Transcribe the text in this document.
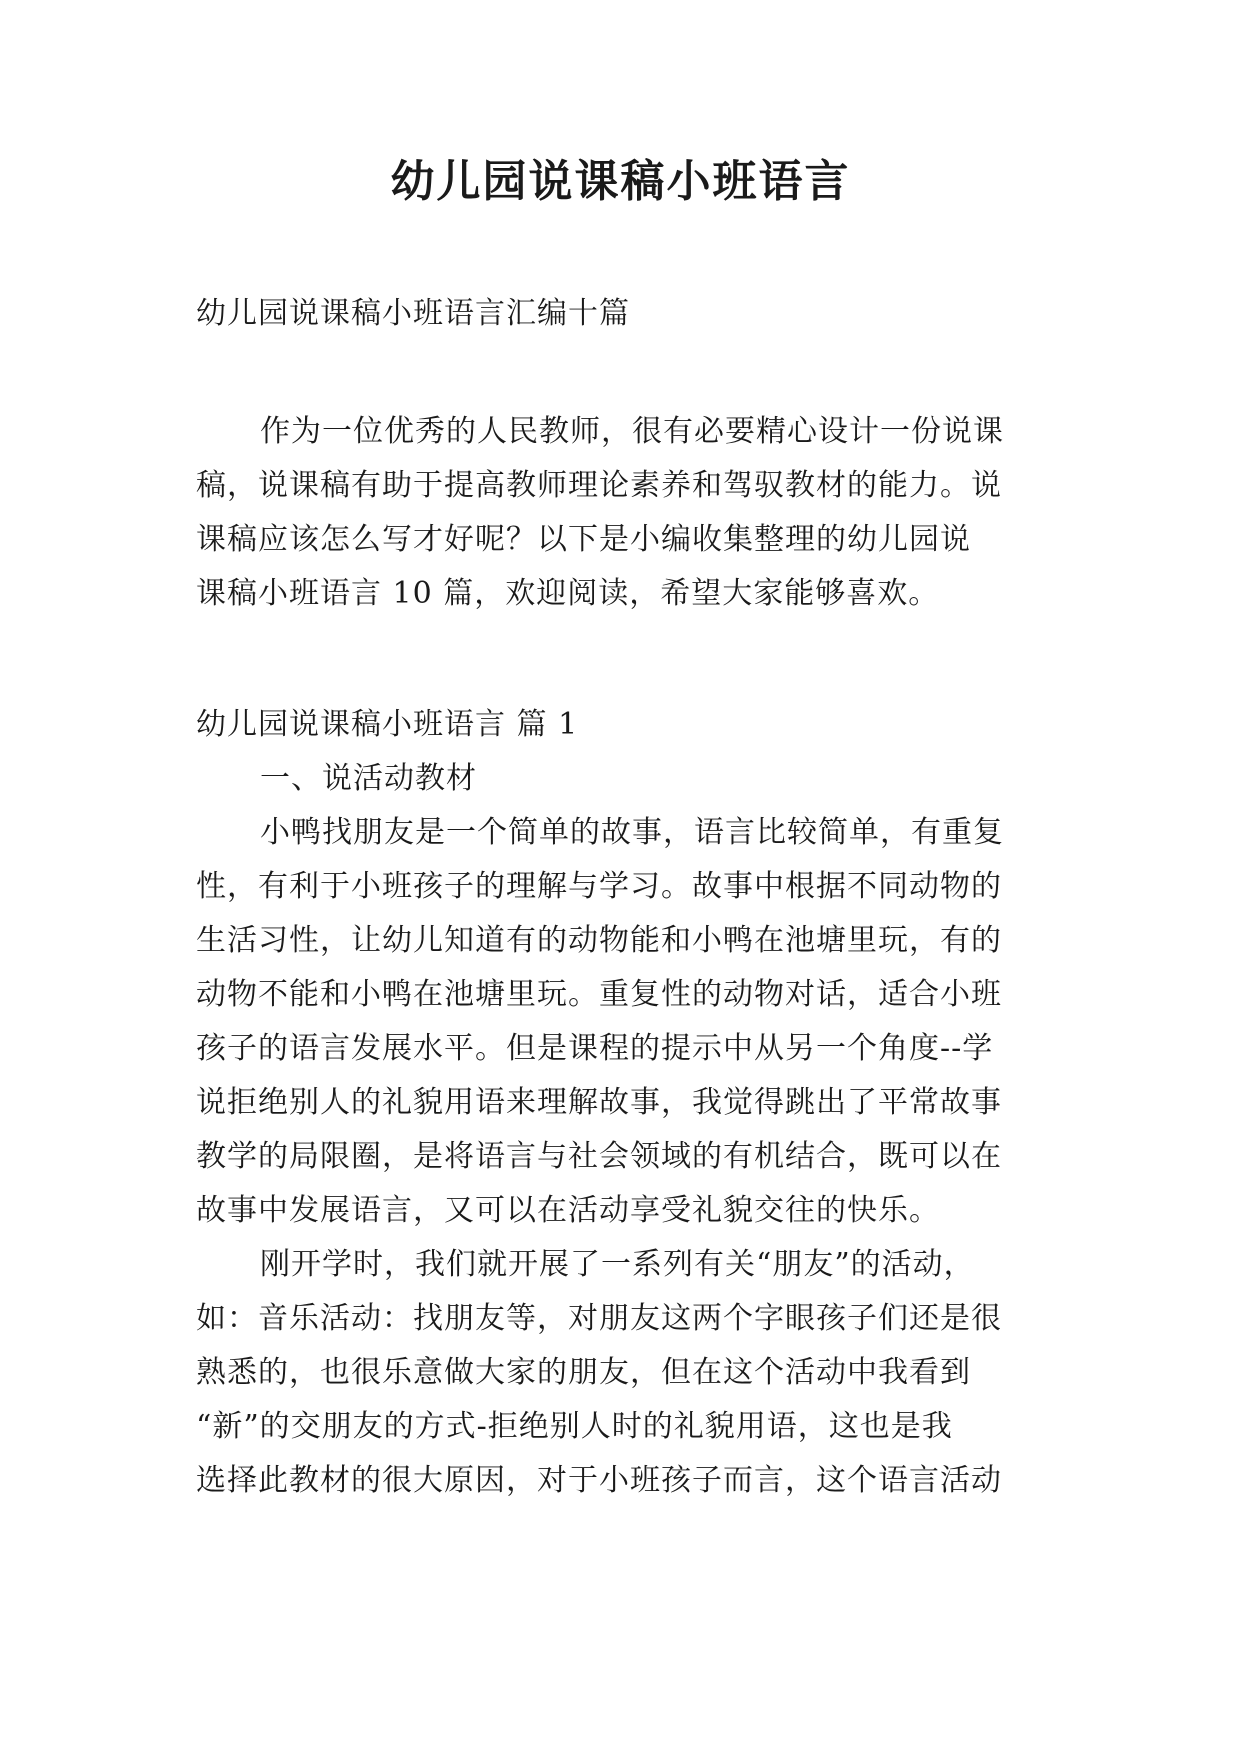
幼儿园说课稿小班语言
幼儿园说课稿小班语言汇编十篇
作为一位优秀的人民教师，很有必要精心设计一份说课
稿，说课稿有助于提高教师理论素养和驾驭教材的能力。说
课稿应该怎么写才好呢？以下是小编收集整理的幼儿园说
课稿小班语言 10 篇，欢迎阅读，希望大家能够喜欢。
幼儿园说课稿小班语言 篇 1
一、说活动教材
小鸭找朋友是一个简单的故事，语言比较简单，有重复
性，有利于小班孩子的理解与学习。故事中根据不同动物的
生活习性，让幼儿知道有的动物能和小鸭在池塘里玩，有的
动物不能和小鸭在池塘里玩。重复性的动物对话，适合小班
孩子的语言发展水平。但是课程的提示中从另一个角度--学
说拒绝别人的礼貌用语来理解故事，我觉得跳出了平常故事
教学的局限圈，是将语言与社会领域的有机结合，既可以在
故事中发展语言，又可以在活动享受礼貌交往的快乐。
刚开学时，我们就开展了一系列有关“朋友”的活动，
如：音乐活动：找朋友等，对朋友这两个字眼孩子们还是很
熟悉的，也很乐意做大家的朋友，但在这个活动中我看到
“新”的交朋友的方式-拒绝别人时的礼貌用语，这也是我
选择此教材的很大原因，对于小班孩子而言，这个语言活动
